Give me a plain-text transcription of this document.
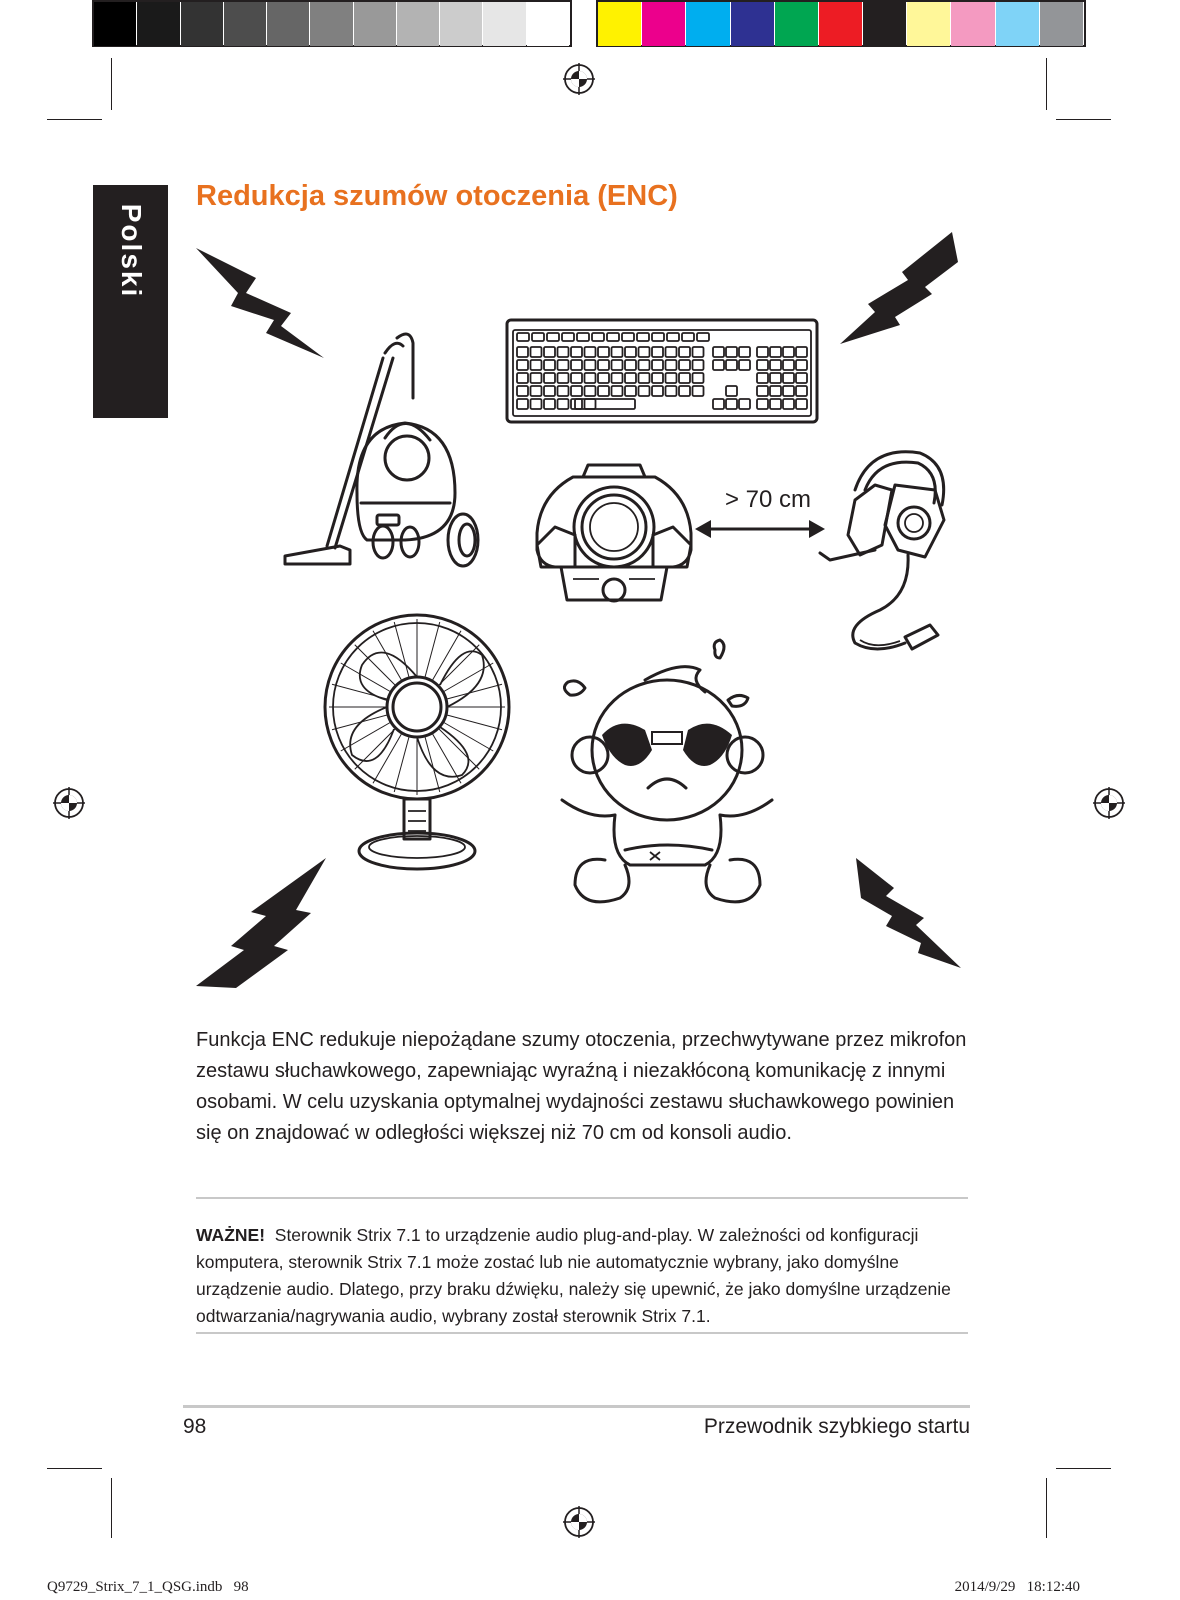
Polski
Redukcja szumów otoczenia (ENC)
> 70 cm
Funkcja ENC redukuje niepożądane szumy otoczenia, przechwytywane przez mikrofon zestawu słuchawkowego, zapewniając wyraźną i niezakłóconą komunikację z innymi osobami. W celu uzyskania optymalnej wydajności zestawu słuchawkowego powinien się on znajdować w odległości większej niż 70 cm od konsoli audio.
WAŻNE! Sterownik Strix 7.1 to urządzenie audio plug-and-play. W zależności od konfiguracji komputera, sterownik Strix 7.1 może zostać lub nie automatycznie wybrany, jako domyślne urządzenie audio. Dlatego, przy braku dźwięku, należy się upewnić, że jako domyślne urządzenie odtwarzania/nagrywania audio, wybrany został sterownik Strix 7.1.
98	Przewodnik szybkiego startu
Q9729_Strix_7_1_QSG.indb   98	2014/9/29   18:12:40
